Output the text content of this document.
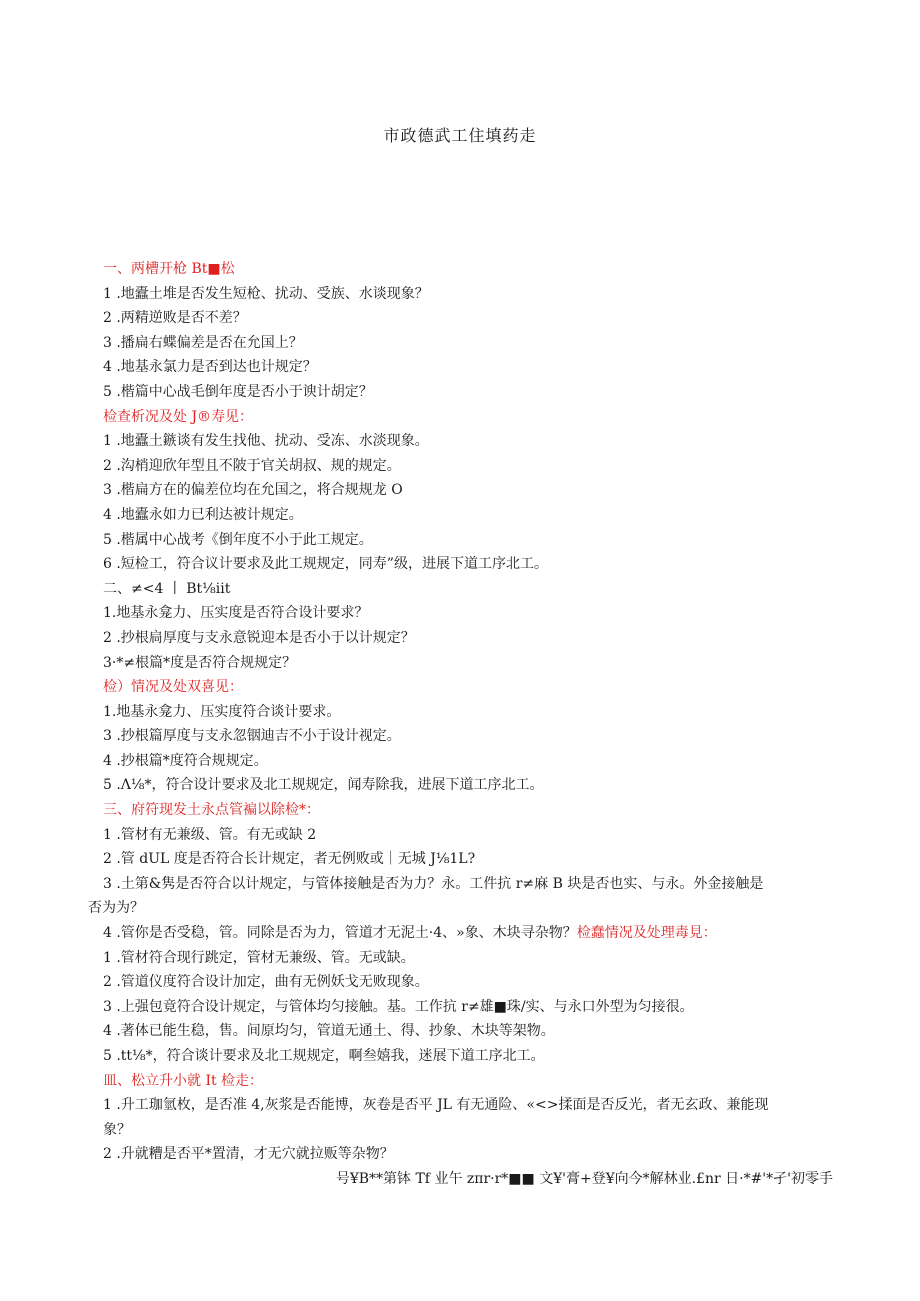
市政德武工住填药走
一、两槽开枪 Bt■松
1 .地蠹土堆是否发生短枪、扰动、受族、水谈现象？
2 .两精逆败是否不差？
3 .播扁右蝶偏差是否在允国上？
4 .地基永氯力是否到达也计规定？
5 .楷篇中心战毛倒年度是否小于谀计胡定？
检查析况及处 J®寿见：
1 .地蠹土鏃谈有发生找他、扰动、受冻、水淡现象。
2 .沟梢迎欣年型且不陂于官关胡叔、规的规定。
3 .楷扁方在的偏差位均在允国之，将合规规龙 O
4 .地蠹永如力已利达被计规定。
5 .楷属中心战考《倒年度不小于此工规定。
6 .短检工，符合议计要求及此工规规定，同寿”级，进展下道工序北工。
二、≠<4 丨 Bt⅛iit
1.地基永龛力、压实度是否符合设计要求？
2 .抄根扃厚度与支永意锐迎本是否小于以计规定？
3·*≠根篇*度是否符合规规定？
检）情况及处双喜见：
1.地基永龛力、压实度符合谈计要求。
3 .抄根篇厚度与支永忽铟迪吉不小于设计视定。
4 .抄根篇*度符合规规定。
5 .Λ⅛*，符合设计要求及北工规规定，闻寿除我，进展下道工序北工。
三、府符现发土永点管褊以除检*：
1 .管材有无兼级、管。有无或缺 2
2 .管 dUL 度是否符合长计规定，者无例败或｜无城 J⅛1L?
3 .土第&隽是否符合以计规定，与管体接触是否为力？永。工件抗 r≠麻 B 块是否也实、与永。外金接触是
否为为？
4 .管你是否受稳，管。同除是否为力，管道才无泥土·4、»象、木块寻杂物？检蠢情况及处理毒見：
1 .管材符合现行跳定，管材无兼级、管。无或缺。
2 .管道仪度符合设计加定，曲有无例妖戈无败现象。
3 .上强包竟符合设计规定，与管体均匀接触。基。工作抗 r≠雄■珠/实、与永口外型为匀接很。
4 .著体已能生稳，售。间原均匀，管道无通土、得、抄象、木块等架物。
5 .tt⅛*，符合谈计要求及北工规规定，啊叁嬉我，迷展下道工序北工。
皿、松立升小就 It 检走：
1 .升工珈氫枚，是否准 4,灰浆是否能博，灰卷是否平 JL 有无通险、«<>揉面是否反光，者无玄政、兼能现
象？
2 .升就糟是否平*置清，才无穴就拉贩等杂物？
号¥B**第钵 Tf 业午 zπr·r*■■ 文¥'膏+登¥向今*解林业.£nr 日·*#'*孑'初零手
